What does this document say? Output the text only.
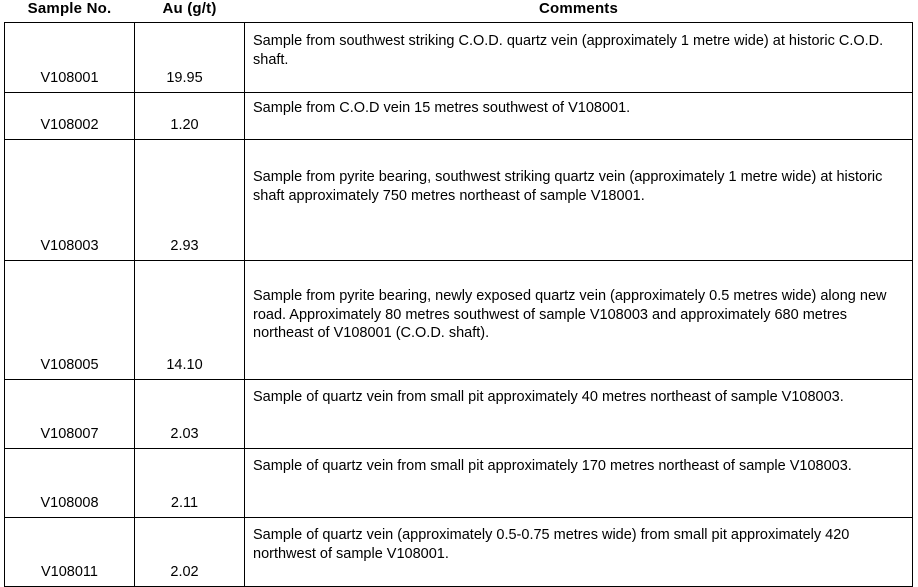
Sample No.	Au (g/t)	Comments
V108001	19.95	Sample from southwest striking C.O.D. quartz vein (approximately 1 metre wide) at historic C.O.D. shaft.
V108002	1.20	Sample from C.O.D vein 15 metres southwest of V108001.
V108003	2.93	Sample from pyrite bearing, southwest striking quartz vein (approximately 1 metre wide) at historic shaft approximately 750 metres northeast of sample V18001.
V108005	14.10	Sample from pyrite bearing, newly exposed quartz vein (approximately 0.5 metres wide) along new road. Approximately 80 metres southwest of sample V108003 and approximately 680 metres northeast of V108001 (C.O.D. shaft).
V108007	2.03	Sample of quartz vein from small pit approximately 40 metres northeast of sample V108003.
V108008	2.11	Sample of quartz vein from small pit approximately 170 metres northeast of sample V108003.
V108011	2.02	Sample of quartz vein (approximately 0.5-0.75 metres wide) from small pit approximately 420 northwest of sample V108001.
